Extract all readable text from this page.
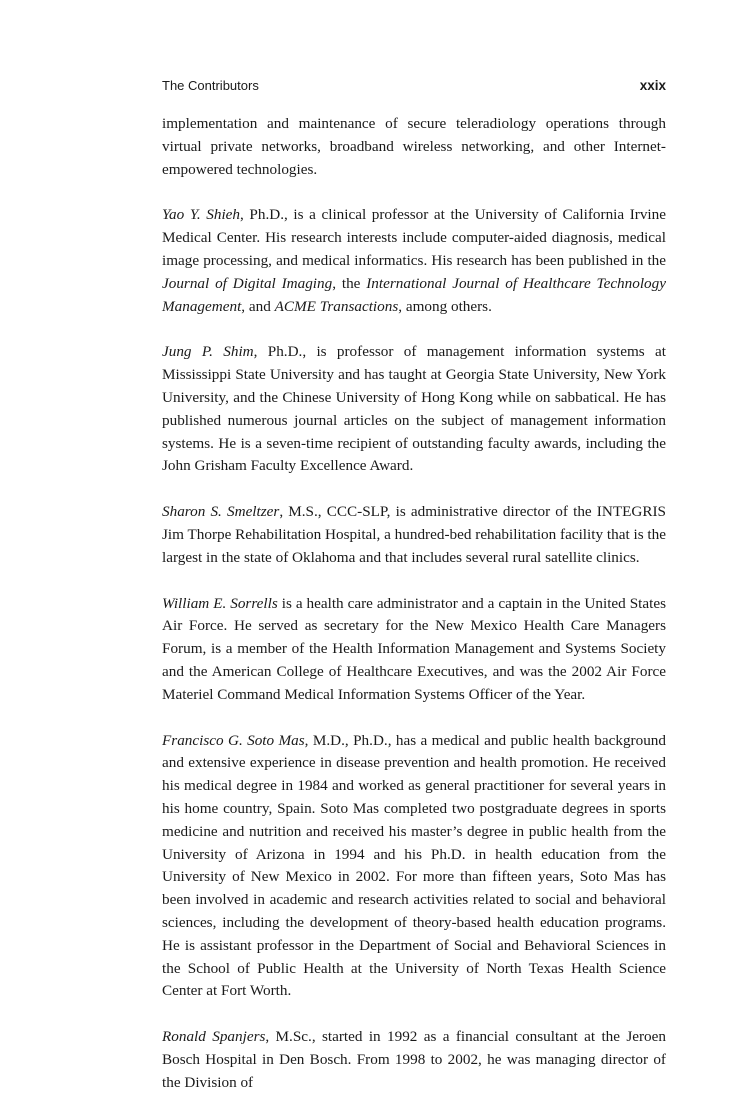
The Contributors	xxix

implementation and maintenance of secure teleradiology operations through virtual private networks, broadband wireless networking, and other Internet-empowered technologies.

Yao Y. Shieh, Ph.D., is a clinical professor at the University of California Irvine Medical Center. His research interests include computer-aided diagnosis, medical image processing, and medical informatics. His research has been published in the Journal of Digital Imaging, the International Journal of Healthcare Technology Management, and ACME Transactions, among others.

Jung P. Shim, Ph.D., is professor of management information systems at Mississippi State University and has taught at Georgia State University, New York University, and the Chinese University of Hong Kong while on sabbatical. He has published numerous journal articles on the subject of management information systems. He is a seven-time recipient of outstanding faculty awards, including the John Grisham Faculty Excellence Award.

Sharon S. Smeltzer, M.S., CCC-SLP, is administrative director of the INTEGRIS Jim Thorpe Rehabilitation Hospital, a hundred-bed rehabilitation facility that is the largest in the state of Oklahoma and that includes several rural satellite clinics.

William E. Sorrells is a health care administrator and a captain in the United States Air Force. He served as secretary for the New Mexico Health Care Managers Forum, is a member of the Health Information Management and Systems Society and the American College of Healthcare Executives, and was the 2002 Air Force Materiel Command Medical Information Systems Officer of the Year.

Francisco G. Soto Mas, M.D., Ph.D., has a medical and public health background and extensive experience in disease prevention and health promotion. He received his medical degree in 1984 and worked as general practitioner for several years in his home country, Spain. Soto Mas completed two postgraduate degrees in sports medicine and nutrition and received his master’s degree in public health from the University of Arizona in 1994 and his Ph.D. in health education from the University of New Mexico in 2002. For more than fifteen years, Soto Mas has been involved in academic and research activities related to social and behavioral sciences, including the development of theory-based health education programs. He is assistant professor in the Department of Social and Behavioral Sciences in the School of Public Health at the University of North Texas Health Science Center at Fort Worth.

Ronald Spanjers, M.Sc., started in 1992 as a financial consultant at the Jeroen Bosch Hospital in Den Bosch. From 1998 to 2002, he was managing director of the Division of
